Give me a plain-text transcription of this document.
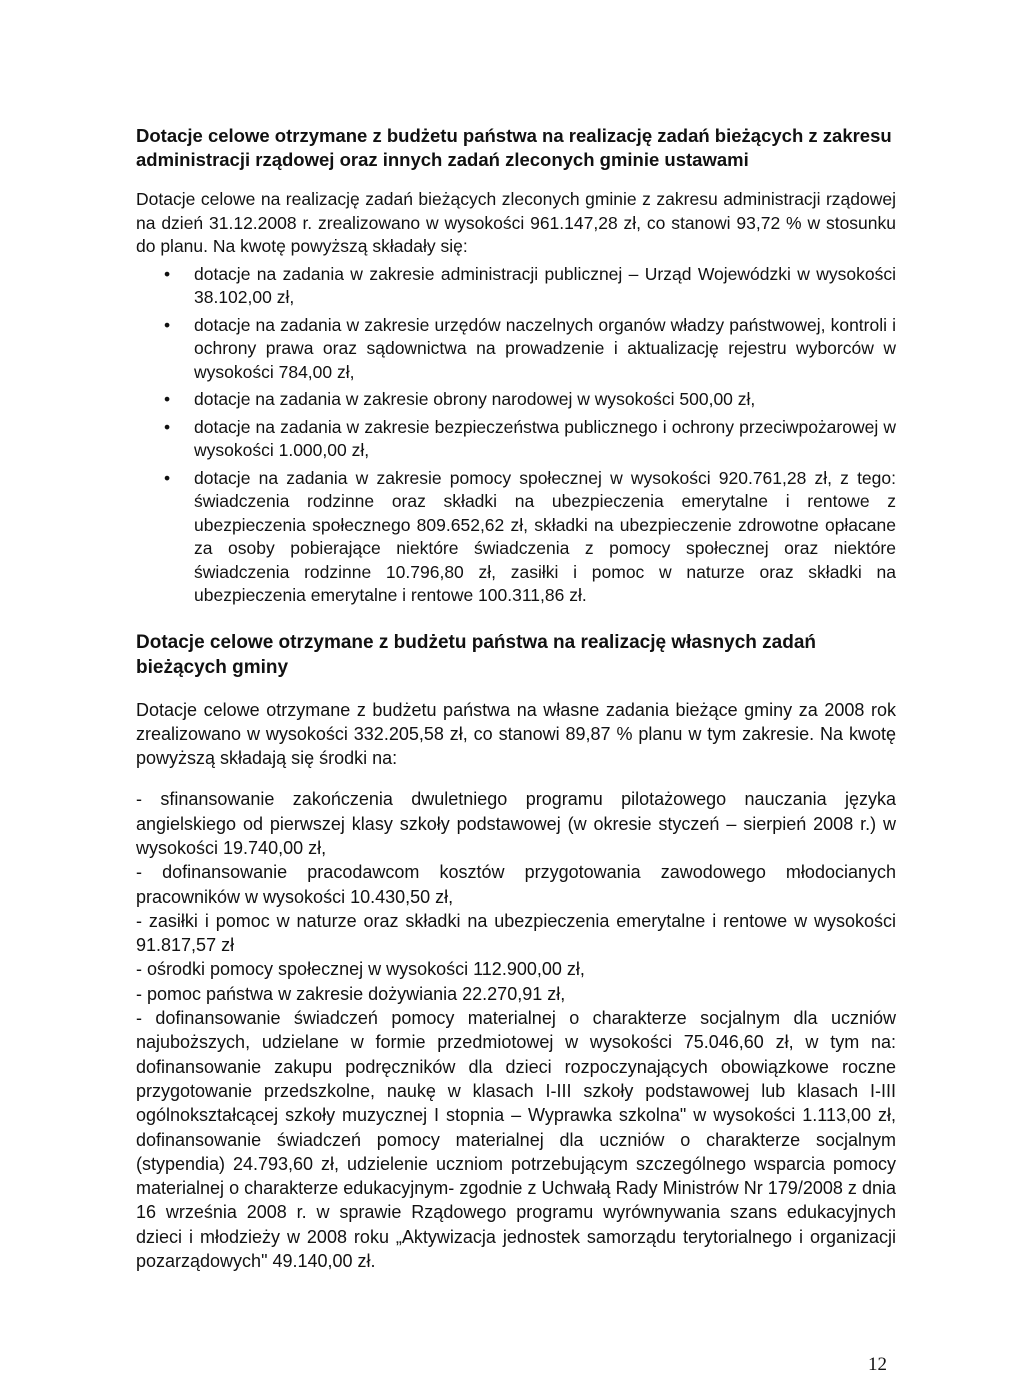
Dotacje celowe otrzymane z budżetu państwa na realizację zadań bieżących z zakresu administracji rządowej oraz innych zadań zleconych gminie ustawami

Dotacje celowe na realizację zadań bieżących zleconych gminie z zakresu administracji rządowej na dzień 31.12.2008 r. zrealizowano w wysokości 961.147,28 zł, co stanowi 93,72 % w stosunku do planu. Na kwotę powyższą składały się:

• dotacje na zadania w zakresie administracji publicznej – Urząd Wojewódzki w wysokości 38.102,00 zł,
• dotacje na zadania w zakresie urzędów naczelnych organów władzy państwowej, kontroli i ochrony prawa oraz sądownictwa na prowadzenie i aktualizację rejestru wyborców w wysokości 784,00 zł,
• dotacje na zadania w zakresie obrony narodowej w wysokości 500,00 zł,
• dotacje na zadania w zakresie bezpieczeństwa publicznego i ochrony przeciwpożarowej w wysokości 1.000,00 zł,
• dotacje na zadania w zakresie pomocy społecznej w wysokości 920.761,28 zł, z tego: świadczenia rodzinne oraz składki na ubezpieczenia emerytalne i rentowe z ubezpieczenia społecznego 809.652,62 zł, składki na ubezpieczenie zdrowotne opłacane za osoby pobierające niektóre świadczenia z pomocy społecznej oraz niektóre świadczenia rodzinne 10.796,80 zł, zasiłki i pomoc w naturze oraz składki na ubezpieczenia emerytalne i rentowe 100.311,86 zł.
Dotacje celowe otrzymane z budżetu państwa na realizację własnych zadań bieżących gminy

Dotacje celowe otrzymane z budżetu państwa na własne zadania bieżące gminy za 2008 rok zrealizowano w wysokości 332.205,58 zł, co stanowi 89,87 % planu w tym zakresie. Na kwotę powyższą składają się środki na:

- sfinansowanie zakończenia dwuletniego programu pilotażowego nauczania języka angielskiego od pierwszej klasy szkoły podstawowej (w okresie styczeń – sierpień 2008 r.) w wysokości 19.740,00 zł,

- dofinansowanie pracodawcom kosztów przygotowania zawodowego młodocianych pracowników w wysokości 10.430,50 zł,

- zasiłki i pomoc w naturze oraz składki na ubezpieczenia emerytalne i rentowe w wysokości 91.817,57 zł

- ośrodki pomocy społecznej w wysokości 112.900,00 zł,

- pomoc państwa w zakresie dożywiania 22.270,91 zł,

- dofinansowanie świadczeń pomocy materialnej o charakterze socjalnym dla uczniów najuboższych, udzielane w formie przedmiotowej w wysokości 75.046,60 zł, w tym na: dofinansowanie zakupu podręczników dla dzieci rozpoczynających obowiązkowe roczne przygotowanie przedszkolne, naukę w klasach I-III szkoły podstawowej lub klasach I-III ogólnokształcącej szkoły muzycznej I stopnia – Wyprawka szkolna" w wysokości 1.113,00 zł, dofinansowanie świadczeń pomocy materialnej dla uczniów o charakterze socjalnym (stypendia) 24.793,60 zł, udzielenie uczniom potrzebującym szczególnego wsparcia pomocy materialnej o charakterze edukacyjnym- zgodnie z Uchwałą Rady Ministrów Nr 179/2008 z dnia 16 września 2008 r. w sprawie Rządowego programu wyrównywania szans edukacyjnych dzieci i młodzieży w 2008 roku „Aktywizacja jednostek samorządu terytorialnego i organizacji pozarządowych" 49.140,00 zł.

12
